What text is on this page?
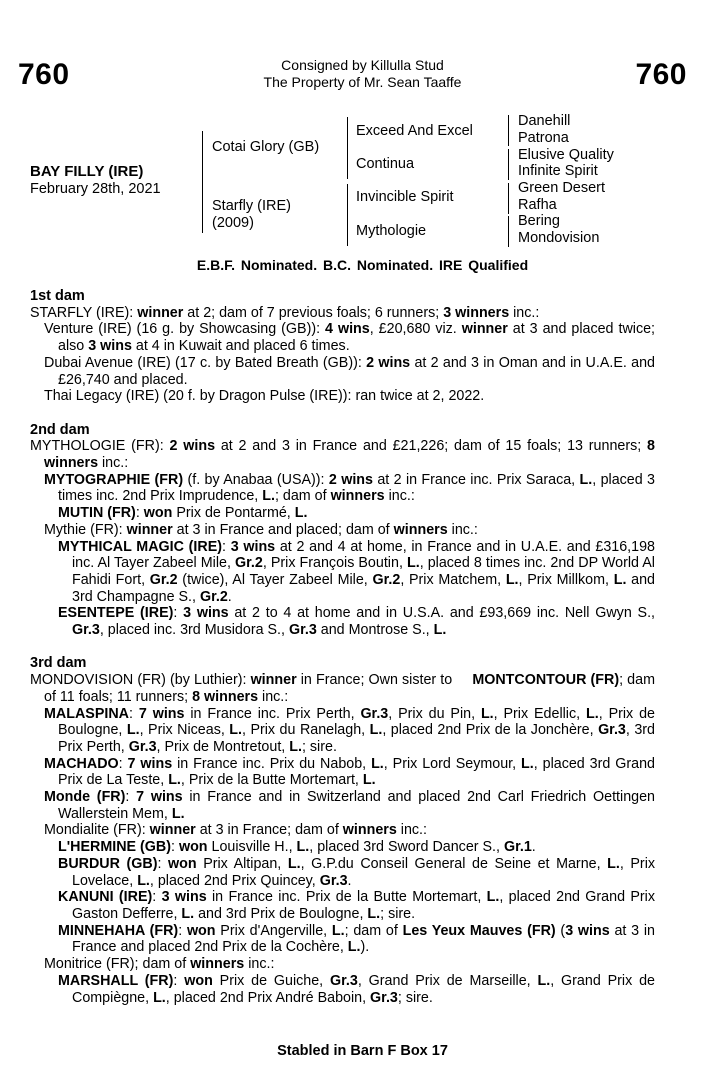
760	760
Consigned by Killulla Stud
The Property of Mr. Sean Taaffe
BAY FILLY (IRE)
February 28th, 2021
Cotai Glory (GB)
Starfly (IRE)
(2009)
Exceed And Excel
Continua
Invincible Spirit
Mythologie
Danehill
Patrona
Elusive Quality
Infinite Spirit
Green Desert
Rafha
Bering
Mondovision
E.B.F. Nominated. B.C. Nominated. IRE Qualified

1st dam

STARFLY (IRE): winner at 2; dam of 7 previous foals; 6 runners; 3 winners inc.:

Venture (IRE) (16 g. by Showcasing (GB)): 4 wins, £20,680 viz. winner at 3 and placed twice; also 3 wins at 4 in Kuwait and placed 6 times.

Dubai Avenue (IRE) (17 c. by Bated Breath (GB)): 2 wins at 2 and 3 in Oman and in U.A.E. and £26,740 and placed.

Thai Legacy (IRE) (20 f. by Dragon Pulse (IRE)): ran twice at 2, 2022.

2nd dam

MYTHOLOGIE (FR): 2 wins at 2 and 3 in France and £21,226; dam of 15 foals; 13 runners; 8 winners inc.:

MYTOGRAPHIE (FR) (f. by Anabaa (USA)): 2 wins at 2 in France inc. Prix Saraca, L., placed 3 times inc. 2nd Prix Imprudence, L.; dam of winners inc.:

MUTIN (FR): won Prix de Pontarmé, L.

Mythie (FR): winner at 3 in France and placed; dam of winners inc.:

MYTHICAL MAGIC (IRE): 3 wins at 2 and 4 at home, in France and in U.A.E. and £316,198 inc. Al Tayer Zabeel Mile, Gr.2, Prix François Boutin, L., placed 8 times inc. 2nd DP World Al Fahidi Fort, Gr.2 (twice), Al Tayer Zabeel Mile, Gr.2, Prix Matchem, L., Prix Millkom, L. and 3rd Champagne S., Gr.2.

ESENTEPE (IRE): 3 wins at 2 to 4 at home and in U.S.A. and £93,669 inc. Nell Gwyn S., Gr.3, placed inc. 3rd Musidora S., Gr.3 and Montrose S., L.

3rd dam

MONDOVISION (FR) (by Luthier): winner in France; Own sister to MONTCONTOUR (FR); dam of 11 foals; 11 runners; 8 winners inc.:

MALASPINA: 7 wins in France inc. Prix Perth, Gr.3, Prix du Pin, L., Prix Edellic, L., Prix de Boulogne, L., Prix Niceas, L., Prix du Ranelagh, L., placed 2nd Prix de la Jonchère, Gr.3, 3rd Prix Perth, Gr.3, Prix de Montretout, L.; sire.

MACHADO: 7 wins in France inc. Prix du Nabob, L., Prix Lord Seymour, L., placed 3rd Grand Prix de La Teste, L., Prix de la Butte Mortemart, L.

Monde (FR): 7 wins in France and in Switzerland and placed 2nd Carl Friedrich Oettingen Wallerstein Mem, L.

Mondialite (FR): winner at 3 in France; dam of winners inc.:

L'HERMINE (GB): won Louisville H., L., placed 3rd Sword Dancer S., Gr.1.

BURDUR (GB): won Prix Altipan, L., G.P.du Conseil General de Seine et Marne, L., Prix Lovelace, L., placed 2nd Prix Quincey, Gr.3.

KANUNI (IRE): 3 wins in France inc. Prix de la Butte Mortemart, L., placed 2nd Grand Prix Gaston Defferre, L. and 3rd Prix de Boulogne, L.; sire.

MINNEHAHA (FR): won Prix d'Angerville, L.; dam of Les Yeux Mauves (FR) (3 wins at 3 in France and placed 2nd Prix de la Cochère, L.).

Monitrice (FR); dam of winners inc.:

MARSHALL (FR): won Prix de Guiche, Gr.3, Grand Prix de Marseille, L., Grand Prix de Compiègne, L., placed 2nd Prix André Baboin, Gr.3; sire.

Stabled in Barn F Box 17
